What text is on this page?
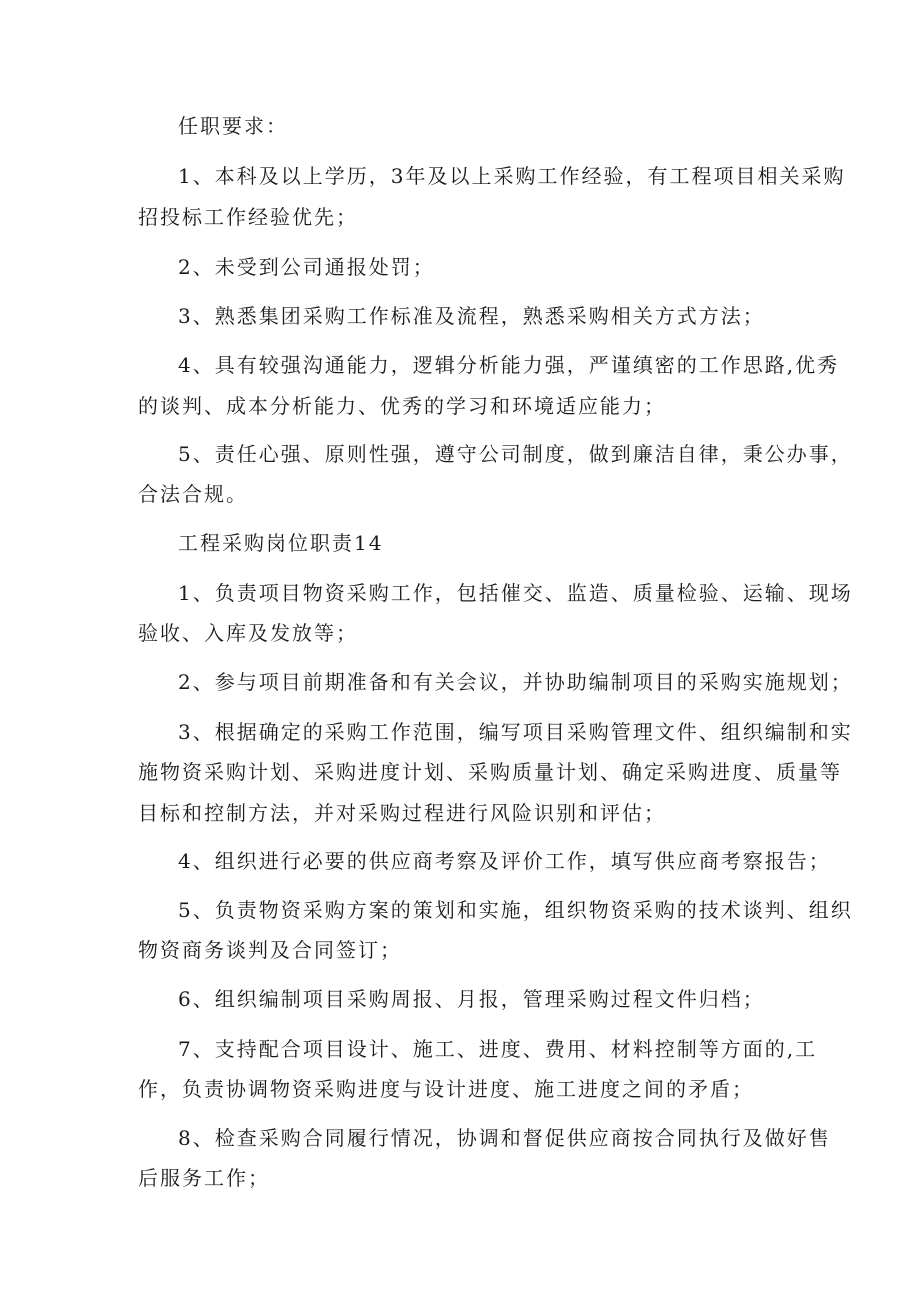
任职要求：
1、本科及以上学历，3年及以上采购工作经验，有工程项目相关采购
招投标工作经验优先；
2、未受到公司通报处罚；
3、熟悉集团采购工作标准及流程，熟悉采购相关方式方法；
4、具有较强沟通能力，逻辑分析能力强，严谨缜密的工作思路,优秀
的谈判、成本分析能力、优秀的学习和环境适应能力；
5、责任心强、原则性强，遵守公司制度，做到廉洁自律，秉公办事，
合法合规。
工程采购岗位职责14
1、负责项目物资采购工作，包括催交、监造、质量检验、运输、现场
验收、入库及发放等；
2、参与项目前期准备和有关会议，并协助编制项目的采购实施规划；
3、根据确定的采购工作范围，编写项目采购管理文件、组织编制和实
施物资采购计划、采购进度计划、采购质量计划、确定采购进度、质量等
目标和控制方法，并对采购过程进行风险识别和评估；
4、组织进行必要的供应商考察及评价工作，填写供应商考察报告；
5、负责物资采购方案的策划和实施，组织物资采购的技术谈判、组织
物资商务谈判及合同签订；
6、组织编制项目采购周报、月报，管理采购过程文件归档；
7、支持配合项目设计、施工、进度、费用、材料控制等方面的,工
作，负责协调物资采购进度与设计进度、施工进度之间的矛盾；
8、检查采购合同履行情况，协调和督促供应商按合同执行及做好售
后服务工作；
